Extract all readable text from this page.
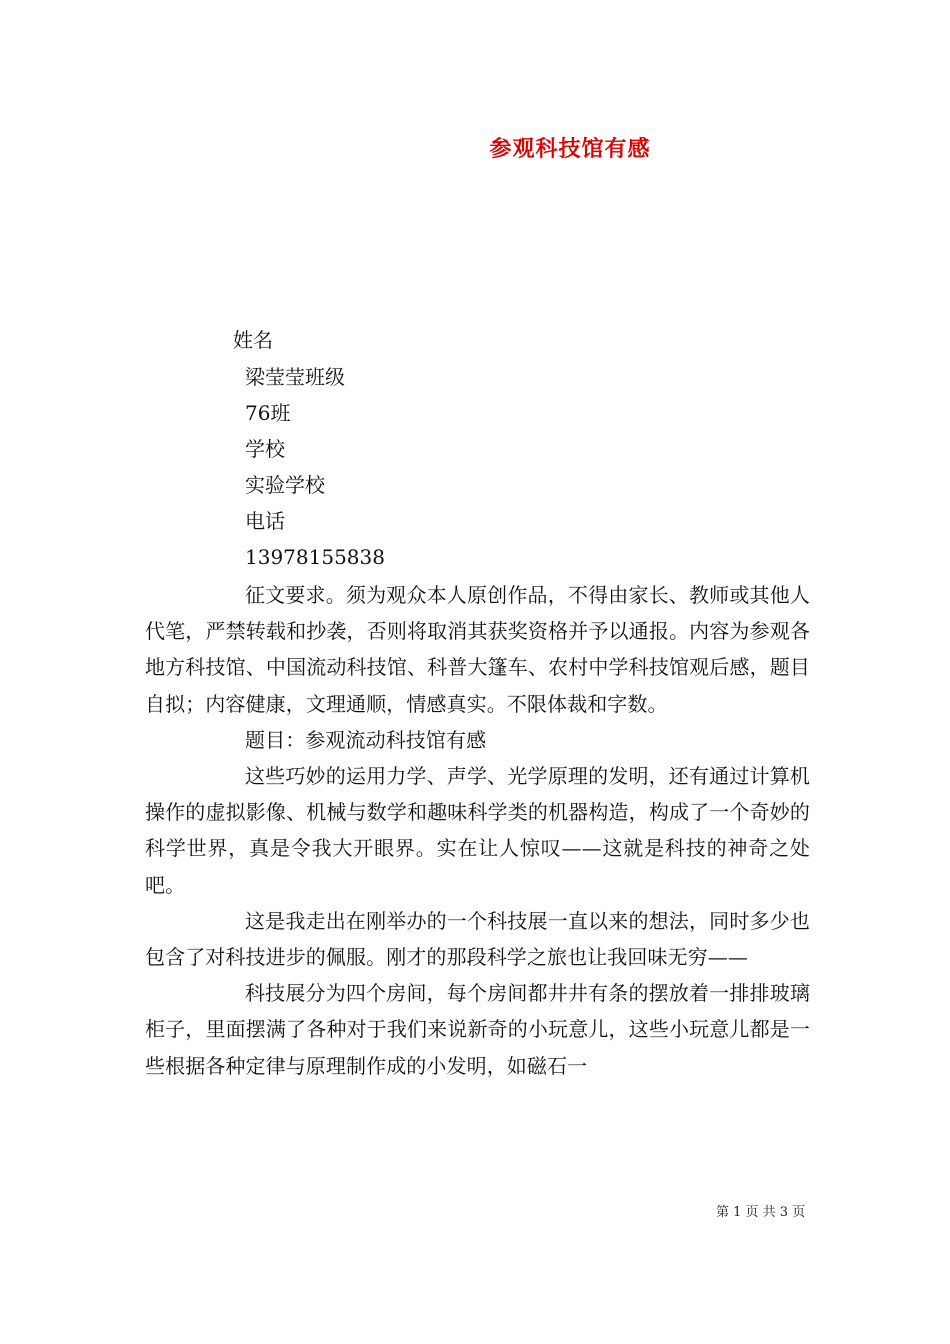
参观科技馆有感
姓名
梁莹莹班级
76班
学校
实验学校
电话
13978155838

征文要求。须为观众本人原创作品，不得由家长、教师或其他人代笔，严禁转载和抄袭，否则将取消其获奖资格并予以通报。内容为参观各地方科技馆、中国流动科技馆、科普大篷车、农村中学科技馆观后感，题目自拟；内容健康，文理通顺，情感真实。不限体裁和字数。

题目：参观流动科技馆有感

这些巧妙的运用力学、声学、光学原理的发明，还有通过计算机操作的虚拟影像、机械与数学和趣味科学类的机器构造，构成了一个奇妙的科学世界，真是令我大开眼界。实在让人惊叹——这就是科技的神奇之处吧。

这是我走出在刚举办的一个科技展一直以来的想法，同时多少也包含了对科技进步的佩服。刚才的那段科学之旅也让我回味无穷——

科技展分为四个房间，每个房间都井井有条的摆放着一排排玻璃柜子，里面摆满了各种对于我们来说新奇的小玩意儿，这些小玩意儿都是一些根据各种定律与原理制作成的小发明，如磁石一

第 1 页 共 3 页
